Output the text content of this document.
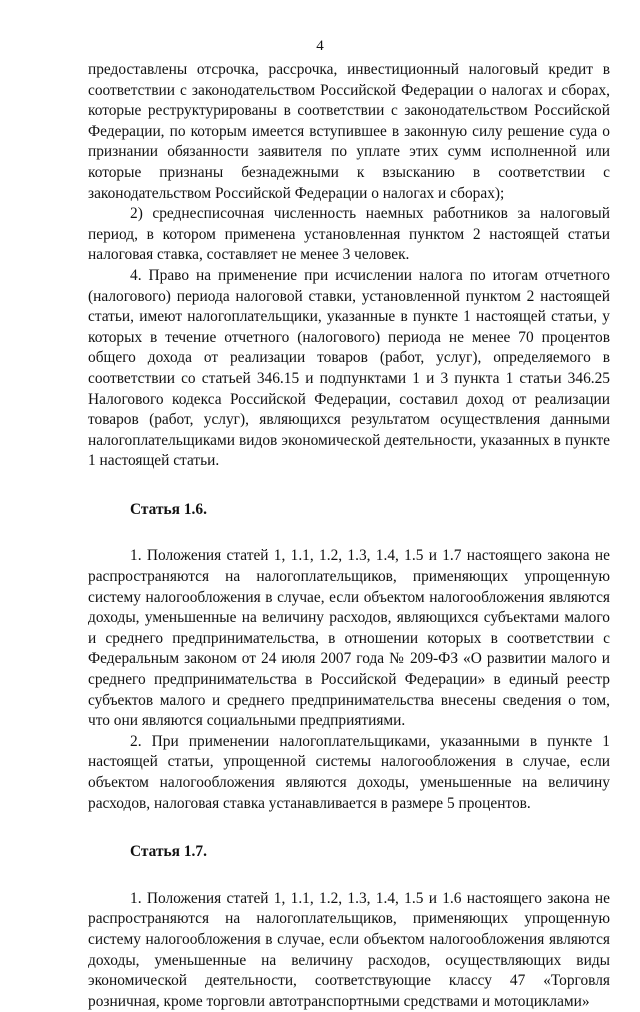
4

предоставлены отсрочка, рассрочка, инвестиционный налоговый кредит в соответствии с законодательством Российской Федерации о налогах и сборах, которые реструктурированы в соответствии с законодательством Российской Федерации, по которым имеется вступившее в законную силу решение суда о признании обязанности заявителя по уплате этих сумм исполненной или которые признаны безнадежными к взысканию в соответствии с законодательством Российской Федерации о налогах и сборах);

2) среднесписочная численность наемных работников за налоговый период, в котором применена установленная пунктом 2 настоящей статьи налоговая ставка, составляет не менее 3 человек.

4. Право на применение при исчислении налога по итогам отчетного (налогового) периода налоговой ставки, установленной пунктом 2 настоящей статьи, имеют налогоплательщики, указанные в пункте 1 настоящей статьи, у которых в течение отчетного (налогового) периода не менее 70 процентов общего дохода от реализации товаров (работ, услуг), определяемого в соответствии со статьей 346.15 и подпунктами 1 и 3 пункта 1 статьи 346.25 Налогового кодекса Российской Федерации, составил доход от реализации товаров (работ, услуг), являющихся результатом осуществления данными налогоплательщиками видов экономической деятельности, указанных в пункте 1 настоящей статьи.

Статья 1.6.

1. Положения статей 1, 1.1, 1.2, 1.3, 1.4, 1.5 и 1.7 настоящего закона не распространяются на налогоплательщиков, применяющих упрощенную систему налогообложения в случае, если объектом налогообложения являются доходы, уменьшенные на величину расходов, являющихся субъектами малого и среднего предпринимательства, в отношении которых в соответствии с Федеральным законом от 24 июля 2007 года № 209-ФЗ «О развитии малого и среднего предпринимательства в Российской Федерации» в единый реестр субъектов малого и среднего предпринимательства внесены сведения о том, что они являются социальными предприятиями.

2. При применении налогоплательщиками, указанными в пункте 1 настоящей статьи, упрощенной системы налогообложения в случае, если объектом налогообложения являются доходы, уменьшенные на величину расходов, налоговая ставка устанавливается в размере 5 процентов.

Статья 1.7.

1. Положения статей 1, 1.1, 1.2, 1.3, 1.4, 1.5 и 1.6 настоящего закона не распространяются на налогоплательщиков, применяющих упрощенную систему налогообложения в случае, если объектом налогообложения являются доходы, уменьшенные на величину расходов, осуществляющих виды экономической деятельности, соответствующие классу 47 «Торговля розничная, кроме торговли автотранспортными средствами и мотоциклами»
